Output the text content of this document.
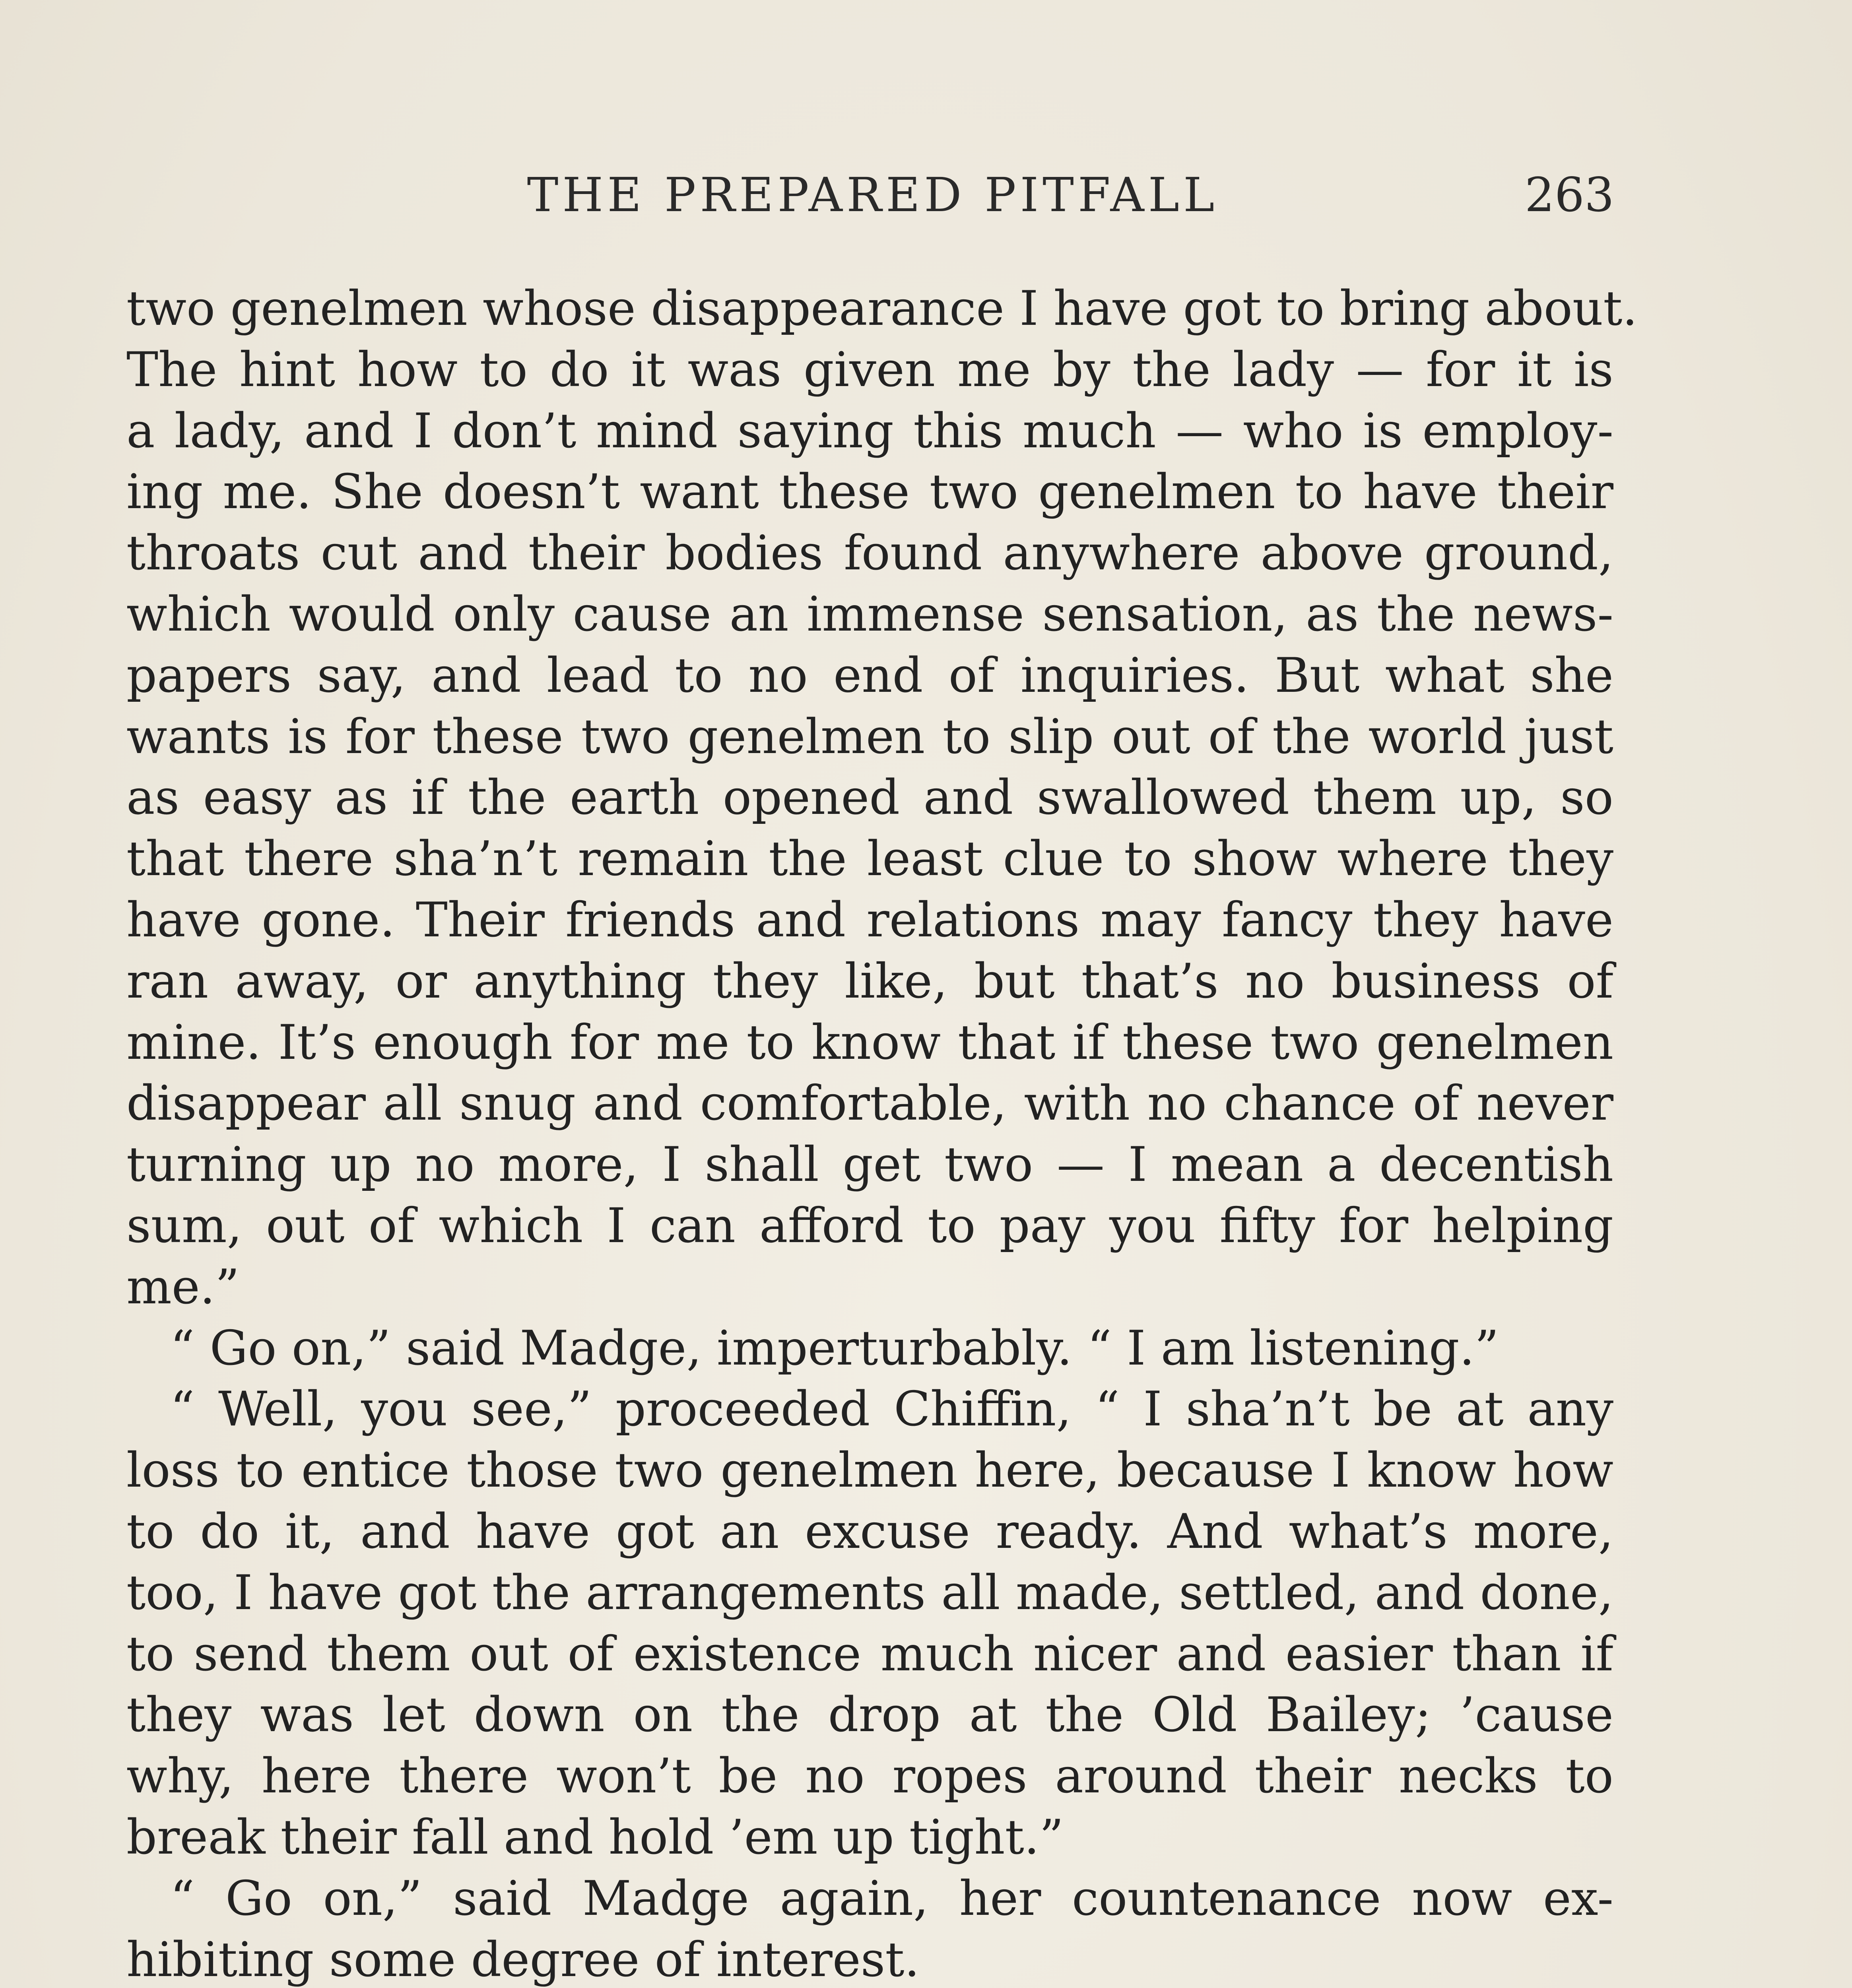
THE PREPARED PITFALL	263
two genelmen whose disappearance I have got to bring about.
The hint how to do it was given me by the lady — for it is
a lady, and I don’t mind saying this much — who is employ-
ing me. She doesn’t want these two genelmen to have their
throats cut and their bodies found anywhere above ground,
which would only cause an immense sensation, as the news-
papers say, and lead to no end of inquiries. But what she
wants is for these two genelmen to slip out of the world just
as easy as if the earth opened and swallowed them up, so
that there sha’n’t remain the least clue to show where they
have gone. Their friends and relations may fancy they have
ran away, or anything they like, but that’s no business of
mine. It’s enough for me to know that if these two genelmen
disappear all snug and comfortable, with no chance of never
turning up no more, I shall get two — I mean a decentish
sum, out of which I can afford to pay you fifty for helping
me.”
“ Go on,” said Madge, imperturbably. “ I am listening.”
“ Well, you see,” proceeded Chiffin, “ I sha’n’t be at any
loss to entice those two genelmen here, because I know how
to do it, and have got an excuse ready. And what’s more,
too, I have got the arrangements all made, settled, and done,
to send them out of existence much nicer and easier than if
they was let down on the drop at the Old Bailey; ’cause
why, here there won’t be no ropes around their necks to
break their fall and hold ’em up tight.”
“ Go on,” said Madge again, her countenance now ex-
hibiting some degree of interest.
